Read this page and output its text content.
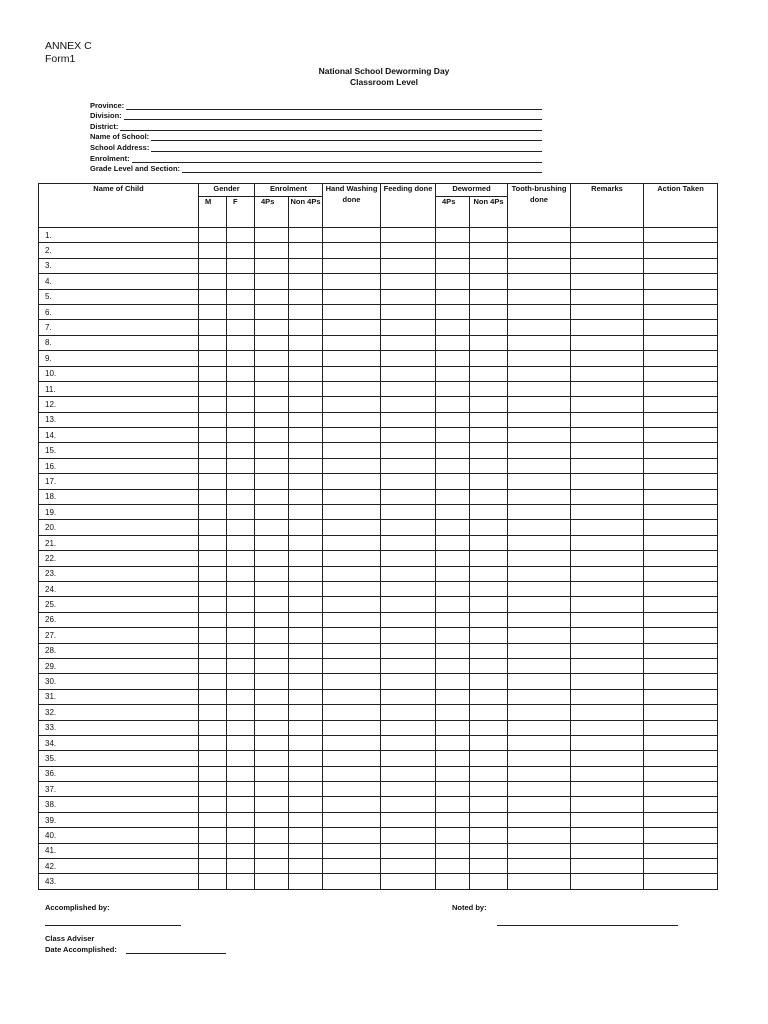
ANNEX C
Form1
National School Deworming Day
Classroom Level
Province:
Division:
District:
Name of School:
School Address:
Enrolment:
Grade Level and Section:
Name of Child	Gender		Enrolment		Hand Washing done	Feeding done	Dewormed		Tooth-brushing done	Remarks	Action Taken
	M	F	4Ps	Non 4Ps			4Ps	Non 4Ps			
1.											
2.											
3.											
4.											
5.											
6.											
7.											
8.											
9.											
10.											
11.											
12.											
13.											
14.											
15.											
16.											
17.											
18.											
19.											
20.											
21.											
22.											
23.											
24.											
25.											
26.											
27.											
28.											
29.											
30.											
31.											
32.											
33.											
34.											
35.											
36.											
37.											
38.											
39.											
40.											
41.											
42.											
43.											
Accomplished by:	Noted by:
Class Adviser
Date Accomplished:
